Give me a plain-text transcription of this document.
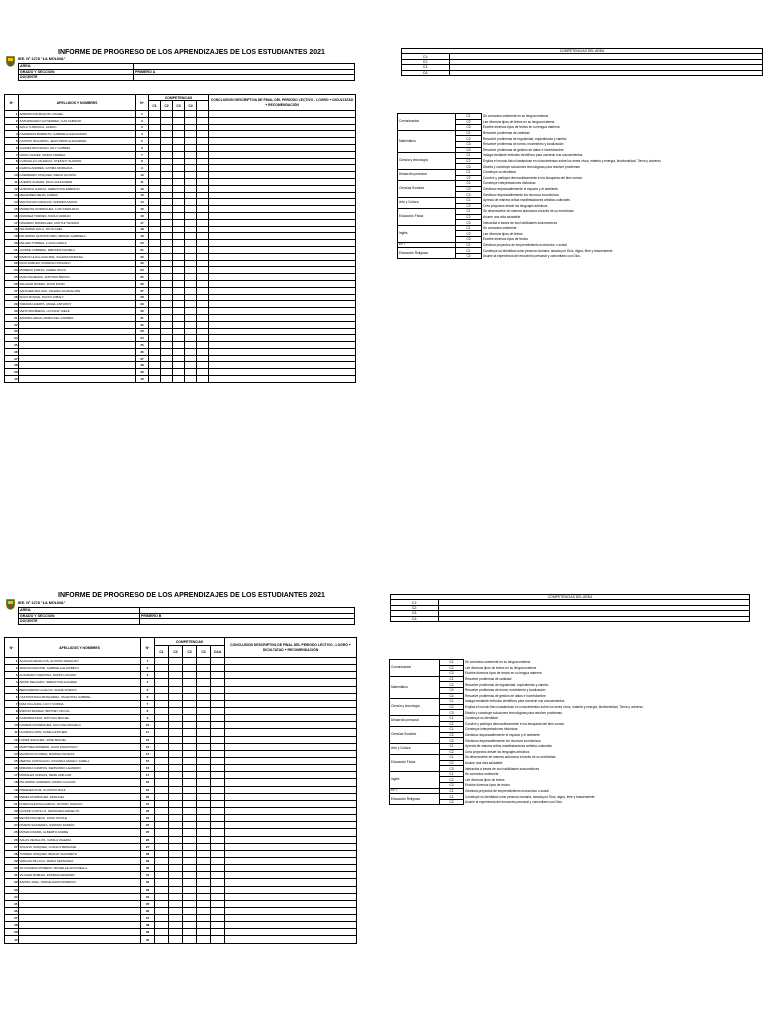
INFORME DE PROGRESO DE LOS APRENDIZAJES DE LOS ESTUDIANTES 2021
IEE. Nº 1278 "LA MOLINA"
AREA:	
GRADO Y SECCION:	PRIMERO A
DOCENTE	
Nº	APELLIDOS Y NOMBRES	Nº	COMPETENCIAS					CONCLUSION DESCRIPTIVA DE FINAL DEL PERIODO LECTIVO , LOGRO + DICULTATAD + RECOMENDACIÓN
			C1	C2	C3	C4		
1	ARMAND PALMAQUIN, DANIEL	1						
2	ASTORNAGRO GUTIERREZ, LUIS FABIANO	2						
3	AVILA YUMISUCA, AARON	3						
4	CARDENAS BARRETO, GABRIELA ALEXANDRA	4						
5	CASTRO PALOMINO, JEAN PIERS ALEXANDER	5						
6	CHAVEZ REYNALDO, IKLY GABRIEL	6						
7	CRUZ CHAVEZ, MARIO ANDREA	7						
8	CUNCHILLO VALENCIA, STEFANY SHARON	8						
9	GARCIA ANDRES, FATIMA MORGANA	9						
10	GUERRERO VASQUEZ, DIEGO ALONSO	10						
11	HUERTA CHAVEZ, PAUL ALEXANDER	11						
12	HURTADO GARCIA, SEBASTIAN FABRICIO	12						
13	MELENDEZ MEJIA, FABIAN	13						
14	MONTALVAN GIRALDO, ANDRES AARON	14						
15	MORENTE RODRIGUEZ, LUIS STEPHANO	15						
16	NARVAEZ TORRES, PAOLO ADRIAN	16						
17	NAVARRO RODRIGUEZ, MATTHI THOMAS	17						
18	PALOMINO AVILA, RUTH ANEL	18						
19	PALOMINO QUINTOCUMO, ABIGAIL GABRIELA	19						
20	PELAEZ TORRES, LUCIA CAMILA	20						
21	QUISPE CABRERA, MIRANDA DANIELA	21						
22	RAMOS HUALLCAHUIRE, VALERIA MARIANA	22						
23	RIOS ROBLES, RODRIGO ROSARIO	23						
24	ROMERO PORAS, KAREN NICOL	24						
25	RUIZ FIGUEROA, ANTONIO BRUNO	25						
26	SALAZAR RIVERA, RYAN DAVID	26						
27	SANCHEZ MALLMA, VALERIA GUADALUPE	27						
28	SOLIS ROQUE, DAYAN JOBALY	28						
29	TARAMA HUERTA, ANGEL ANTHONY	29						
30	VENTURA BRENA, LUCIANA YAELE	30						
31	ZAMORA ARIAS, MARIA DEL CARMEN	31						
32		32						
33		33						
34		34						
35		35						
36		36						
37		37						
38		38						
39		39						
40		40						
COMPETENCIAS DEL AREA	
C1:	
C2:	
C3:	
C4:	
Comunicación	C1	Se comunica oralmente en su lengua materna
	C2	Lee diversos tipos de textos en su lengua materna
	C3	Escribe diversos tipos de textos en su lengua materna
Matemática	C1	Resuelve problemas de cantidad
	C2	Resuelve problemas de regularidad, equivalencia y cambio
	C3	Resuelve problemas de forma, movimiento y localización
	C4	Resuelve problemas de gestión de datos e incertidumbre
Ciencia y tecnología	C1	Indaga mediante métodos científicos para construir sus conocimientos
	C2	Explica el mundo físico basándose en conocimientos sobre los seres vivos, materia y energía, biodiversidad, Tierra y universo
	C3	Diseña y construye soluciones tecnológicas para resolver problemas
Desarrollo personal	C1	Construye su identidad
	C2	Convive y participa democráticamente en la búsqueda del bien común
Ciencias Sociales	C1	Construye interpretaciones históricas
	C2	Gestiona responsablemente el espacio y el ambiente
	C3	Gestiona responsablemente los recursos económicos
Arte y Cultura	C1	Aprecia de manera crítica manifestaciones artístico-culturales
	C2	Crea proyectos desde los lenguajes artísticos
Educación Física	C1	Se desenvuelve de manera autónoma a través de su motricidad
	C2	Asume una vida saludable
	C3	Interactúa a través de sus habilidades sociomotrices
Inglés	C1	Se comunica oralmente
	C2	Lee diversos tipos de textos
	C3	Escribe diversos tipos de textos
EPT	C1	Gestiona proyectos de emprendimiento económico o social
Educación Religiosa	C1	Construye su identidad como persona humana, amada por Dios, digna, libre y trascendente
	C2	Asume la experiencia del encuentro personal y comunitario con Dios
INFORME DE PROGRESO DE LOS APRENDIZAJES DE LOS ESTUDIANTES 2021
IEE. Nº 1278 "LA MOLINA"
AREA:	
GRADO Y SECCION:	PRIMERO B
DOCENTE	
Nº	APELLIDOS Y NOMBRES	Nº	COMPETENCIAS					CONCLUSION DESCRIPTIVA DE FINAL DEL PERIODO LECTIVO , LOGRO + DICULTATAD + RECOMENDACIÓN
			C1	C2	C3	C4	CAA	
1	AGUILAR ZEVALLOS, ALONSO RONALDO	1						
2	ARAGON ESCATE, GABRIELA ELIZABETH	2						
3	ALVARADO CARDONA, DORIS LUCIANA	3						
4	ARONI DELGADO, SEBASTIAN ALVAREZ	4						
5	BERNARDINO CHALCO, ANGIE SORAYA	5						
6	CASTROFINCA MOSQUERA, VALENTINA GABRIEL	6						
7	DIAZ VILLAGRA, LUCY NORMA	7						
8	ESPINO BARRAZ, BRITNEY NICOLL	8						
9	GAMARRA DIAZ, MATTHIU MIGUEL	9						
10	GUZMAN RODRIGUEZ, GIULIANA MICAELA	10						
11	HUAMAN LOPE, KAMILA ESTHER	11						
12	LOPEZ SANCHEZ, JOSE MIGUEL	12						
13	MARTINEZ ROMERO, JHON FRANCISCO	13						
14	MAURICIO FLORES, ROMINA NAYELHI	14						
15	MEDINA CANTALICIO, DAYANNA ANGELY JARELL	15						
16	MIRANDA CAMPOS, FERNANDO LEANDRO	16						
17	MORALES VARGAS, RENE AMILCAR	17						
18	PALOMINO CARRERA, MARIA CLAUDIA	18						
19	PAREDES RUIZ, GUSTAVO RAUL	19						
20	PEREZ RODRIGUEZ, EMANUEL	20						
21	PUMACAHUANA GARCIA, JHONNY IGNACIO	21						
22	QUISPE CASTILLO, FERNANDA MADELYN	22						
23	REYES PACHECO, JAMIL NICOLE	23						
24	RIVERA SAAVEDRA, SANDRO DAMIAN	24						
25	ROMAN PAMPA, ALBERTO ANDRE	25						
26	SALAS ZEVALLOS, CAMILA VALERIA	26						
27	SOLANO VASQUEZ, LUANA STEPHANIE	27						
28	TORRES VASQUEZ, BRIGHT ELIZABETH	28						
29	VARGAS PILLACA, MARIA FERNANDA	29						
30	VILLANUEVA ROMERO, MICHELLE ANTONELLA	30						
31	VILCHEZ ROBLES, ESTEFAN EDWARD	31						
32	ZAPATA JARA, JORGE DAVID RODRIGO	32						
33		33						
34		34						
35		35						
36		36						
37		37						
38		38						
39		39						
40		40						
COMPETENCIAS DEL AREA	
C1:	
C2:	
C3:	
C4:	
Comunicación	C1	Se comunica oralmente en su lengua materna
	C2	Lee diversos tipos de textos en su lengua materna
	C3	Escribe diversos tipos de textos en su lengua materna
Matemática	C1	Resuelve problemas de cantidad
	C2	Resuelve problemas de regularidad, equivalencia y cambio
	C3	Resuelve problemas de forma, movimiento y localización
	C4	Resuelve problemas de gestión de datos e incertidumbre
Ciencia y tecnología	C1	Indaga mediante métodos científicos para construir sus conocimientos
	C2	Explica el mundo físico basándose en conocimientos sobre los seres vivos, materia y energía, biodiversidad, Tierra y universo
	C3	Diseña y construye soluciones tecnológicas para resolver problemas
Desarrollo personal	C1	Construye su identidad
	C2	Convive y participa democráticamente en la búsqueda del bien común
Ciencias Sociales	C1	Construye interpretaciones históricas
	C2	Gestiona responsablemente el espacio y el ambiente
	C3	Gestiona responsablemente los recursos económicos
Arte y Cultura	C1	Aprecia de manera crítica manifestaciones artístico-culturales
	C2	Crea proyectos desde los lenguajes artísticos
Educación Física	C1	Se desenvuelve de manera autónoma a través de su motricidad
	C2	Asume una vida saludable
	C3	Interactúa a través de sus habilidades sociomotrices
Inglés	C1	Se comunica oralmente
	C2	Lee diversos tipos de textos
	C3	Escribe diversos tipos de textos
EPT	C1	Gestiona proyectos de emprendimiento económico o social
Educación Religiosa	C1	Construye su identidad como persona humana, amada por Dios, digna, libre y trascendente
	C2	Asume la experiencia del encuentro personal y comunitario con Dios
